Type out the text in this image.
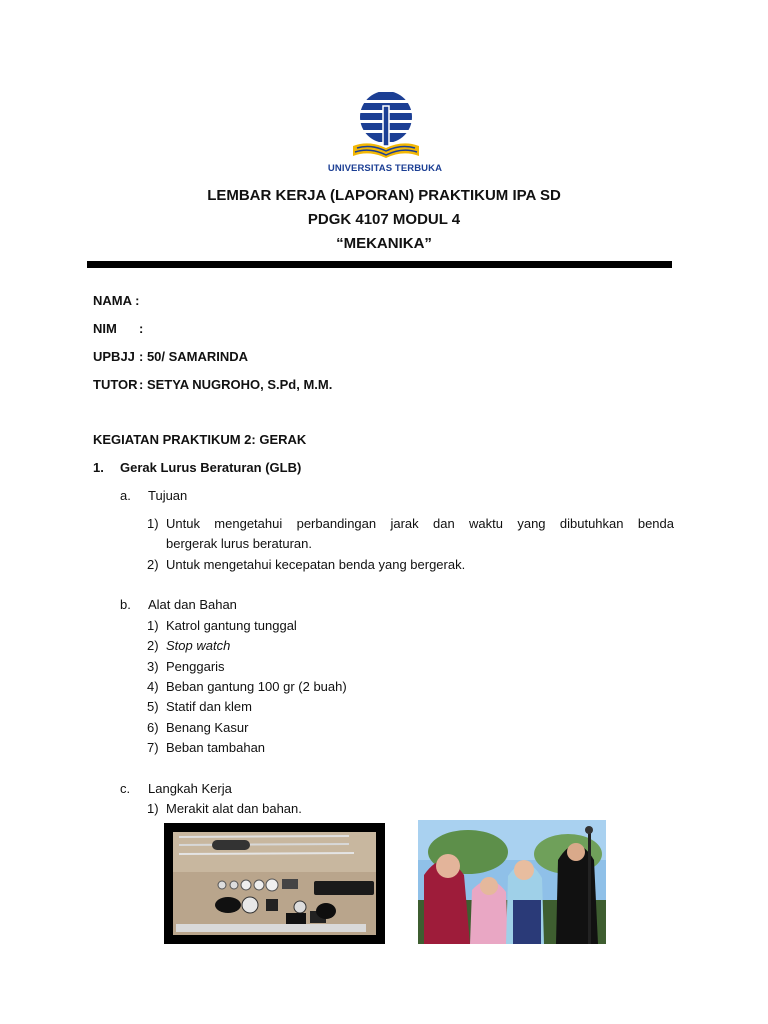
UNIVERSITAS TERBUKA
LEMBAR KERJA (LAPORAN) PRAKTIKUM IPA SD
PDGK 4107 MODUL 4
“MEKANIKA”
NAMA :
NIM :
UPBJJ : 50/ SAMARINDA
TUTOR : SETYA NUGROHO, S.Pd, M.M.
KEGIATAN PRAKTIKUM 2: GERAK
1. Gerak Lurus Beraturan (GLB)
a. Tujuan
1) Untuk mengetahui perbandingan jarak dan waktu yang dibutuhkan benda
bergerak lurus beraturan.
2) Untuk mengetahui kecepatan benda yang bergerak.
b. Alat dan Bahan
1) Katrol gantung tunggal
2) Stop watch
3) Penggaris
4) Beban gantung 100 gr (2 buah)
5) Statif dan klem
6) Benang Kasur
7) Beban tambahan
c. Langkah Kerja
1) Merakit alat dan bahan.
